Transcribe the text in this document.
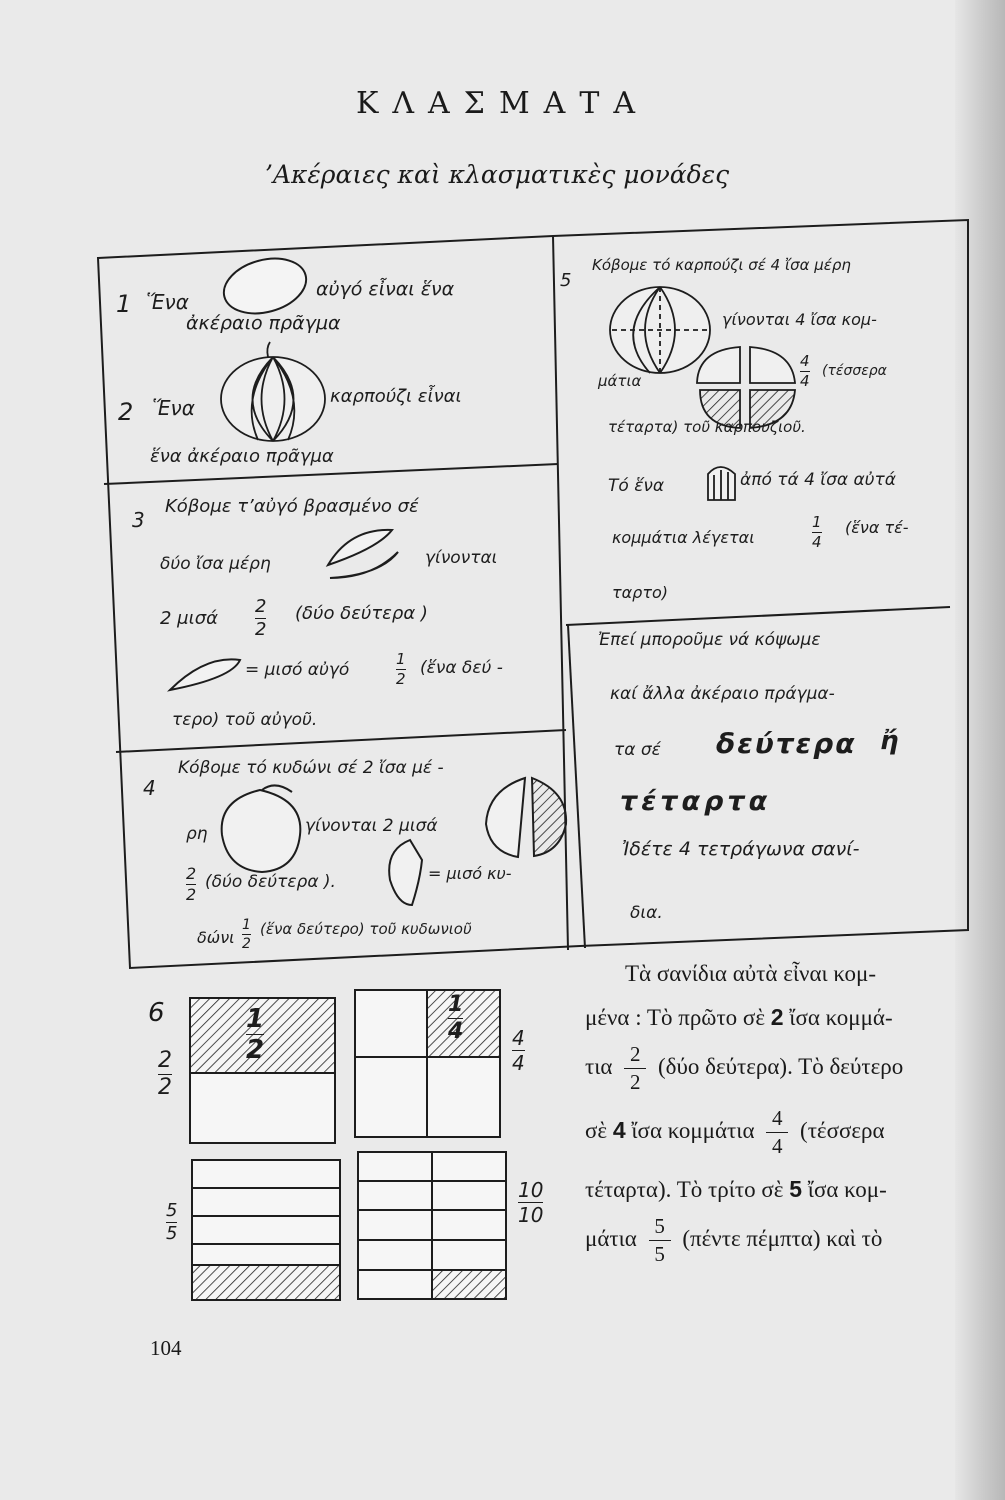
ΚΛΑΣΜΑΤΑ
’Ακέραιες καὶ κλασματικὲς μονάδες
1 Ἕνα
αὐγό εἶναι ἕνα
ἀκέραιο πρᾶγμα
2 Ἕνα	καρπούζι εἶναι
ἕνα ἀκέραιο πρᾶγμα
3
Κόβομε τ’αὐγό βρασμένο σέ
δύο ἴσα μέρη	γίνονται
2 μισά
2
2
(δύο δεύτερα )
= μισό αὐγό
1
2
(ἕνα δεύ -
τερο) τοῦ αὐγοῦ.
4
Κόβομε τό κυδώνι σέ 2 ἴσα μέ -
ρη	γίνονται 2 μισά
2
2
(δύο δεύτερα ).	= μισό κυ-
δώνι
1
2
(ἕνα δεύτερο) τοῦ κυδωνιοῦ
5
Κόβομε τό καρπούζι σέ 4 ἴσα μέρη
γίνονται 4 ἴσα κομ-
μάτια
4
4
(τέσσερα
τέταρτα) τοῦ καρπουζιοῦ.
Τό ἕνα	ἀπό τά 4 ἴσα αὐτά
κομμάτια λέγεται
1
4
(ἕνα τέ-
ταρτο)
Ἐπεί μποροῦμε νά κόψωμε
καί ἄλλα ἀκέραιο πράγμα-
τα σέ δεύτερα ἤ
τέταρτα
Ἰδέτε 4 τετράγωνα σανί-
δια.
6
2
2
1
2	4
4
1
4
5
5
10
10
Τὰ σανίδια αὐτὰ εἶναι κομ-
μένα : Τὸ πρῶτο σὲ 2 ἴσα κομμά-
τια $\frac{2}{2} (\delta ύo$ δεύτερα). Τὸ δεύτερο
σὲ 4 ἴσα κομμάτια $\frac{4}{4} (\tau έ\sigma\sigma\varepsilon\rho\alpha$
τέταρτα). Τὸ τρίτο σὲ 5 ἴσα κομ-
μάτια $\frac{5}{5} (\pi έ\nu\tau\varepsilon$ πέμπτα) καὶ τὸ
104
